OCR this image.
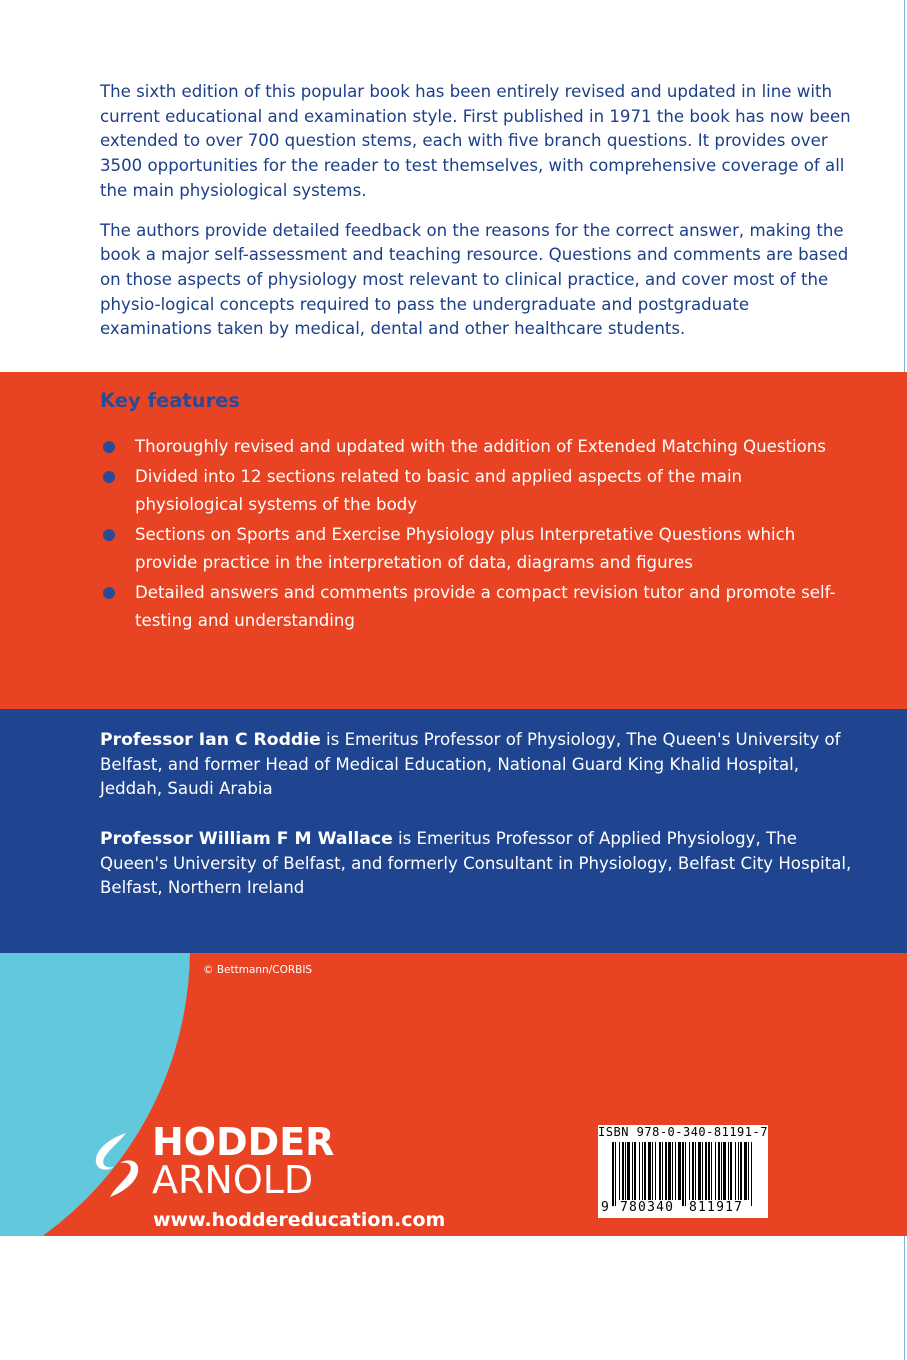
The sixth edition of this popular book has been entirely revised and updated in line with current educational and examination style. First published in 1971 the book has now been extended to over 700 question stems, each with five branch questions. It provides over 3500 opportunities for the reader to test themselves, with comprehensive coverage of all the main physiological systems.

The authors provide detailed feedback on the reasons for the correct answer, making the book a major self-assessment and teaching resource. Questions and comments are based on those aspects of physiology most relevant to clinical practice, and cover most of the physio-logical concepts required to pass the undergraduate and postgraduate examinations taken by medical, dental and other healthcare students.

Key features
Thoroughly revised and updated with the addition of Extended Matching Questions
Divided into 12 sections related to basic and applied aspects of the main physiological systems of the body
Sections on Sports and Exercise Physiology plus Interpretative Questions which provide practice in the interpretation of data, diagrams and figures
Detailed answers and comments provide a compact revision tutor and promote self-testing and understanding

Professor Ian C Roddie is Emeritus Professor of Physiology, The Queen's University of Belfast, and former Head of Medical Education, National Guard King Khalid Hospital, Jeddah, Saudi Arabia

Professor William F M Wallace is Emeritus Professor of Applied Physiology, The Queen's University of Belfast, and formerly Consultant in Physiology, Belfast City Hospital, Belfast, Northern Ireland

© Bettmann/CORBIS
HODDER
ARNOLD
www.hoddereducation.com
ISBN 978-0-340-81191-7
9 780340 811917
